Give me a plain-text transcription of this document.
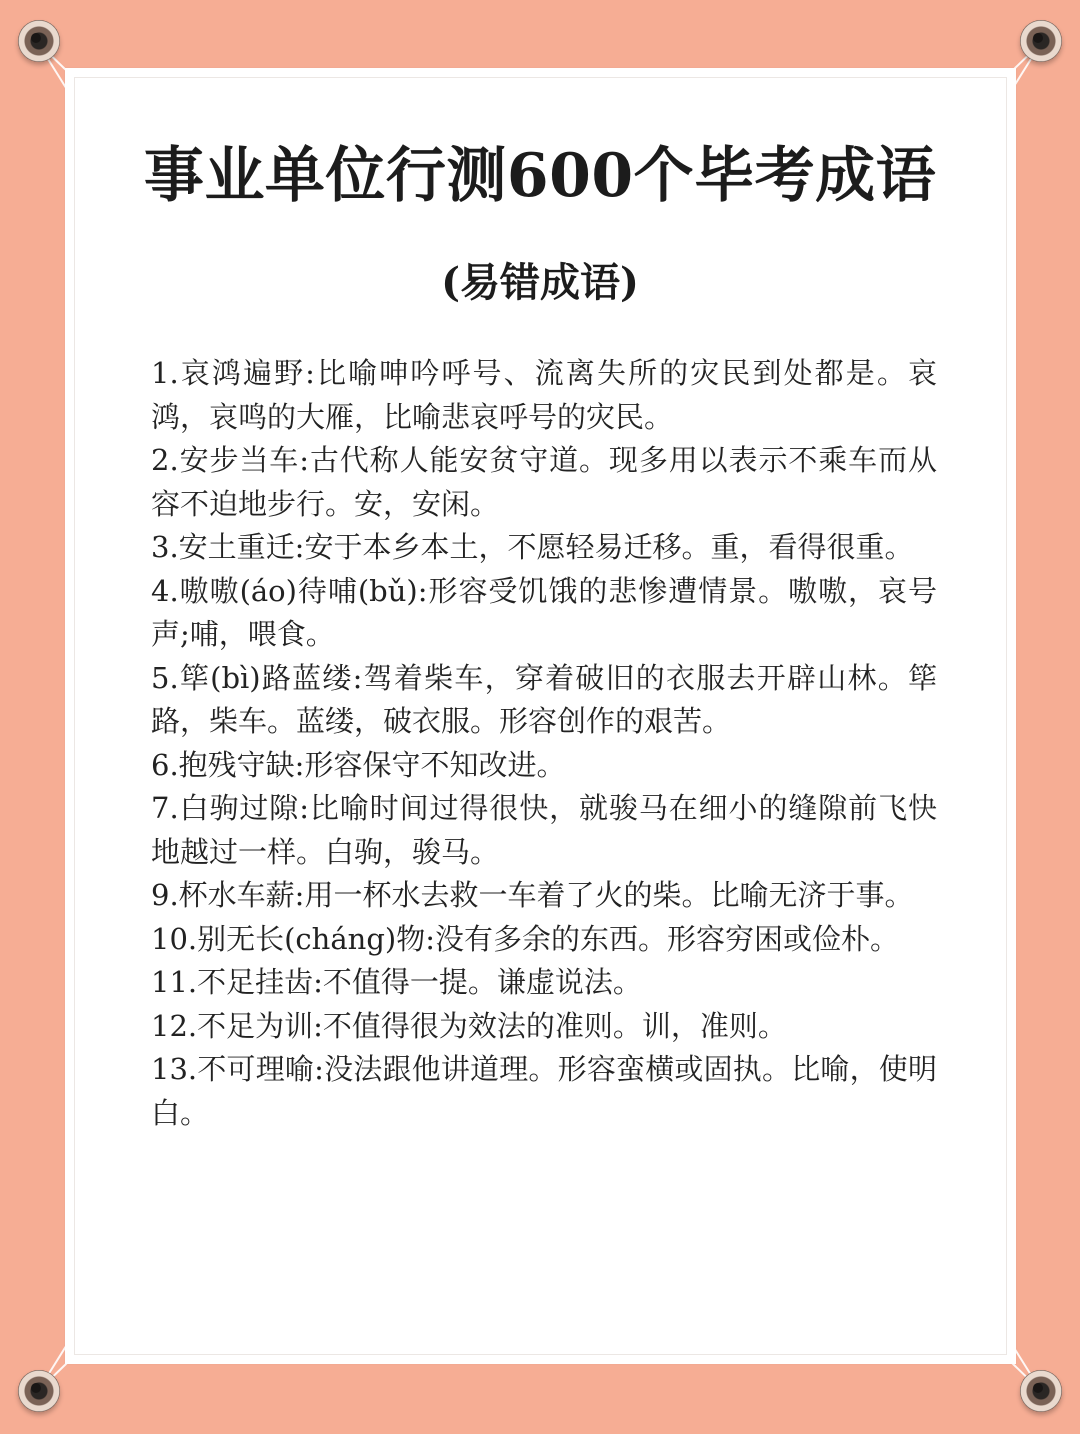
事业单位行测600个毕考成语
(易错成语)

1.哀鸿遍野:比喻呻吟呼号、流离失所的灾民到处都是。哀鸿，哀鸣的大雁，比喻悲哀呼号的灾民。

2.安步当车:古代称人能安贫守道。现多用以表示不乘车而从容不迫地步行。安，安闲。

3.安土重迁:安于本乡本土，不愿轻易迁移。重，看得很重。

4.嗷嗷(áo)待哺(bǔ):形容受饥饿的悲惨遭情景。嗷嗷，哀号声;哺，喂食。

5.筚(bì)路蓝缕:驾着柴车，穿着破旧的衣服去开辟山林。筚路，柴车。蓝缕，破衣服。形容创作的艰苦。

6.抱残守缺:形容保守不知改进。

7.白驹过隙:比喻时间过得很快，就骏马在细小的缝隙前飞快地越过一样。白驹，骏马。

9.杯水车薪:用一杯水去救一车着了火的柴。比喻无济于事。

10.别无长(cháng)物:没有多余的东西。形容穷困或俭朴。

11.不足挂齿:不值得一提。谦虚说法。

12.不足为训:不值得很为效法的准则。训，准则。

13.不可理喻:没法跟他讲道理。形容蛮横或固执。比喻，使明白。
